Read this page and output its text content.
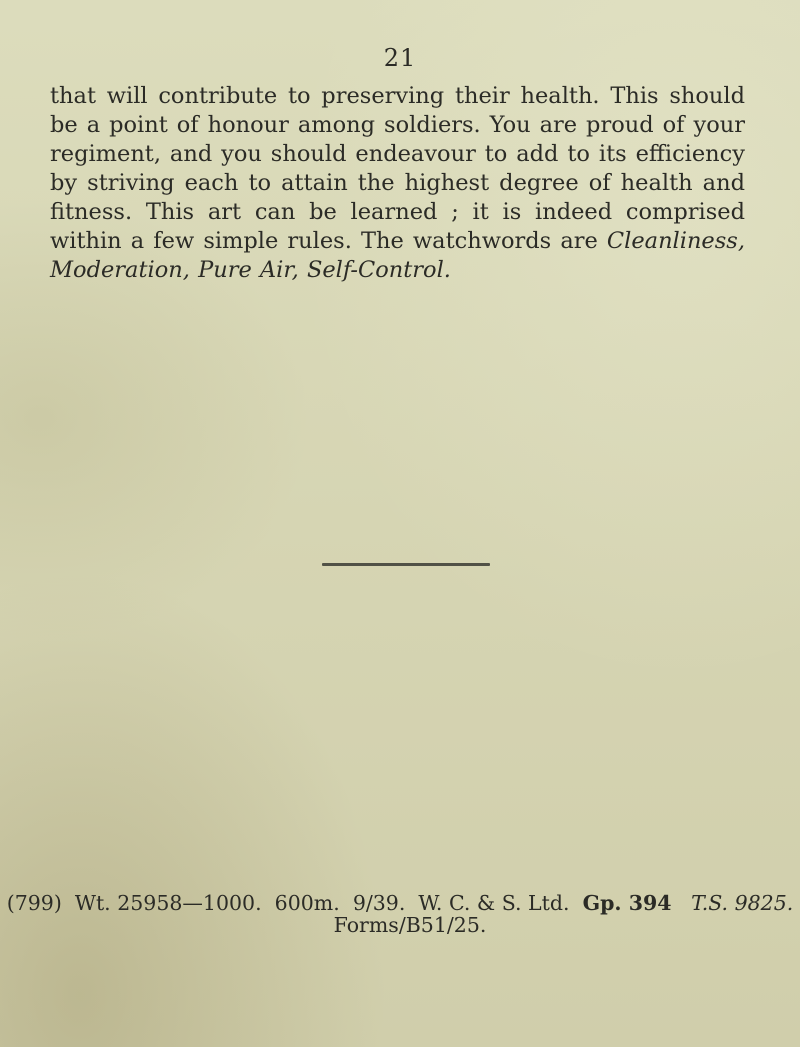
21

that will contribute to preserving their health. This should be a point of honour among soldiers. You are proud of your regiment, and you should endeavour to add to its efficiency by striving each to attain the highest degree of health and fitness. This art can be learned ; it is indeed comprised within a few simple rules. The watchwords are Cleanliness, Moderation, Pure Air, Self-Control.

(799) Wt. 25958—1000. 600m. 9/39. W. C. & S. Ltd. Gp. 394 T.S. 9825.
Forms/B51/25.
